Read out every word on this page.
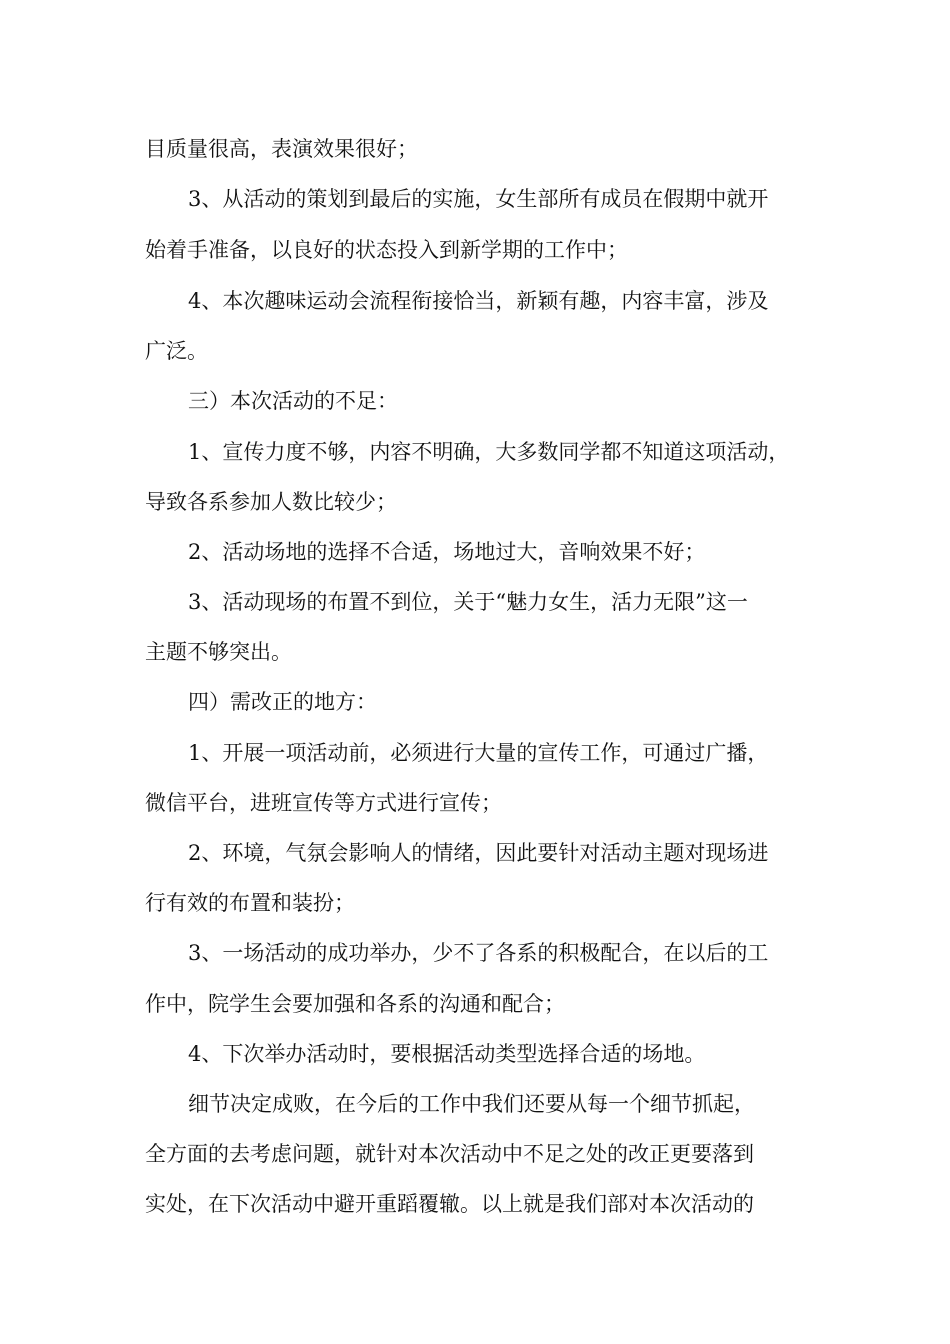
目质量很高，表演效果很好；

3、从活动的策划到最后的实施，女生部所有成员在假期中就开

始着手准备，以良好的状态投入到新学期的工作中；

4、本次趣味运动会流程衔接恰当，新颖有趣，内容丰富，涉及

广泛。

三）本次活动的不足：

1、宣传力度不够，内容不明确，大多数同学都不知道这项活动，

导致各系参加人数比较少；

2、活动场地的选择不合适，场地过大，音响效果不好；

3、活动现场的布置不到位，关于“魅力女生，活力无限”这一

主题不够突出。

四）需改正的地方：

1、开展一项活动前，必须进行大量的宣传工作，可通过广播，

微信平台，进班宣传等方式进行宣传；

2、环境，气氛会影响人的情绪，因此要针对活动主题对现场进

行有效的布置和装扮；

3、一场活动的成功举办，少不了各系的积极配合，在以后的工

作中，院学生会要加强和各系的沟通和配合；

4、下次举办活动时，要根据活动类型选择合适的场地。

细节决定成败，在今后的工作中我们还要从每一个细节抓起，

全方面的去考虑问题，就针对本次活动中不足之处的改正更要落到

实处，在下次活动中避开重蹈覆辙。以上就是我们部对本次活动的
